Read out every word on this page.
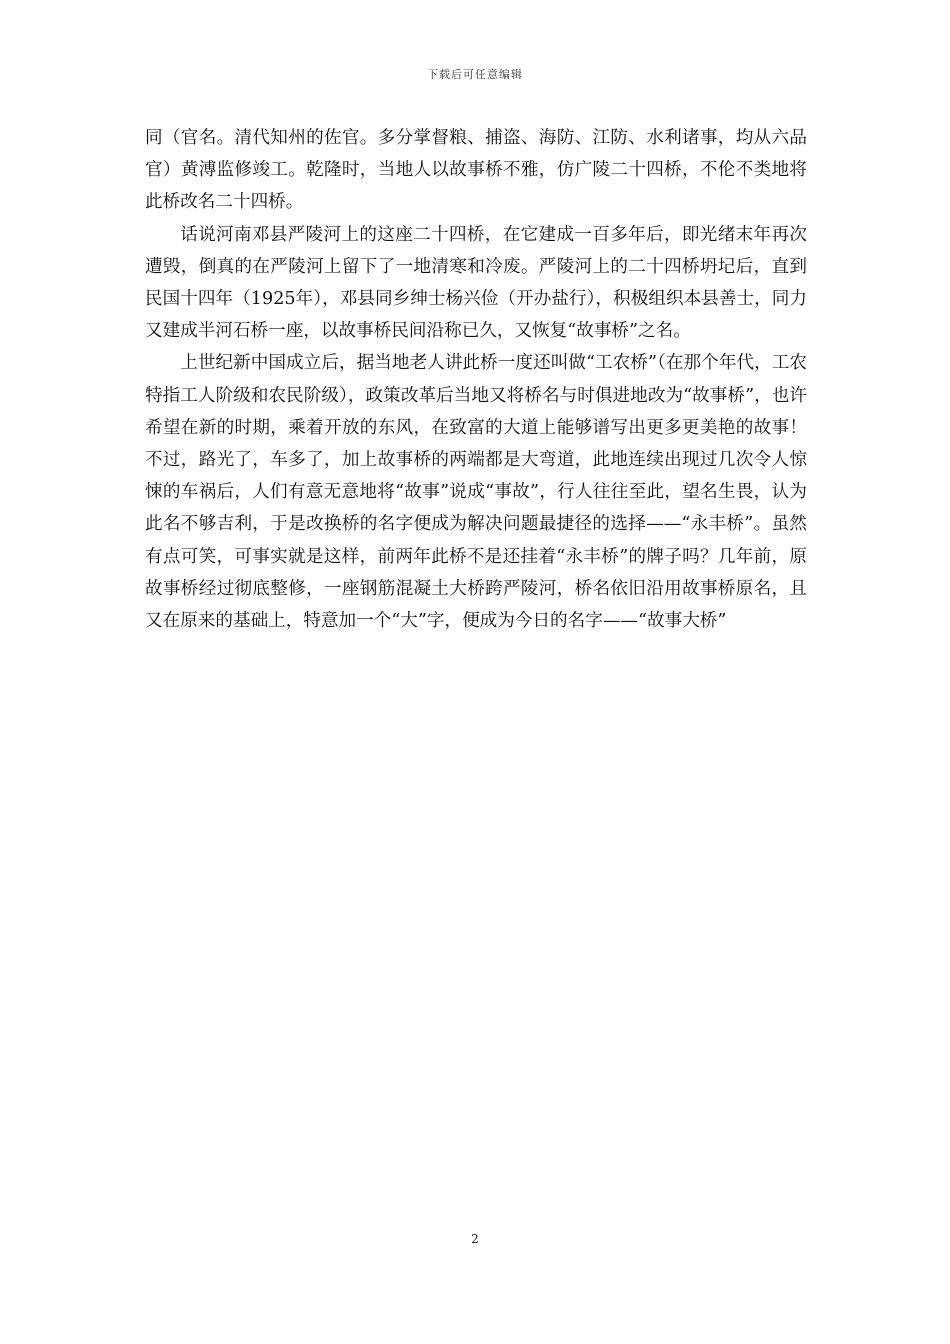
下载后可任意编辑

同（官名。清代知州的佐官。多分掌督粮、捕盗、海防、江防、水利诸事，均从六品官）黄溥监修竣工。乾隆时，当地人以故事桥不雅，仿广陵二十四桥，不伦不类地将此桥改名二十四桥。

话说河南邓县严陵河上的这座二十四桥，在它建成一百多年后，即光绪末年再次遭毁，倒真的在严陵河上留下了一地清寒和冷废。严陵河上的二十四桥坍圮后，直到民国十四年（1925年），邓县同乡绅士杨兴俭（开办盐行），积极组织本县善士，同力又建成半河石桥一座，以故事桥民间沿称已久，又恢复“故事桥”之名。

上世纪新中国成立后，据当地老人讲此桥一度还叫做“工农桥”（在那个年代，工农特指工人阶级和农民阶级），政策改革后当地又将桥名与时俱进地改为“故事桥”，也许希望在新的时期，乘着开放的东风，在致富的大道上能够谱写出更多更美艳的故事！不过，路光了，车多了，加上故事桥的两端都是大弯道，此地连续出现过几次令人惊悚的车祸后，人们有意无意地将“故事”说成“事故”，行人往往至此，望名生畏，认为此名不够吉利，于是改换桥的名字便成为解决问题最捷径的选择——“永丰桥”。虽然有点可笑，可事实就是这样，前两年此桥不是还挂着“永丰桥”的牌子吗？几年前，原故事桥经过彻底整修，一座钢筋混凝土大桥跨严陵河，桥名依旧沿用故事桥原名，且又在原来的基础上，特意加一个“大”字，便成为今日的名字——“故事大桥”

2
